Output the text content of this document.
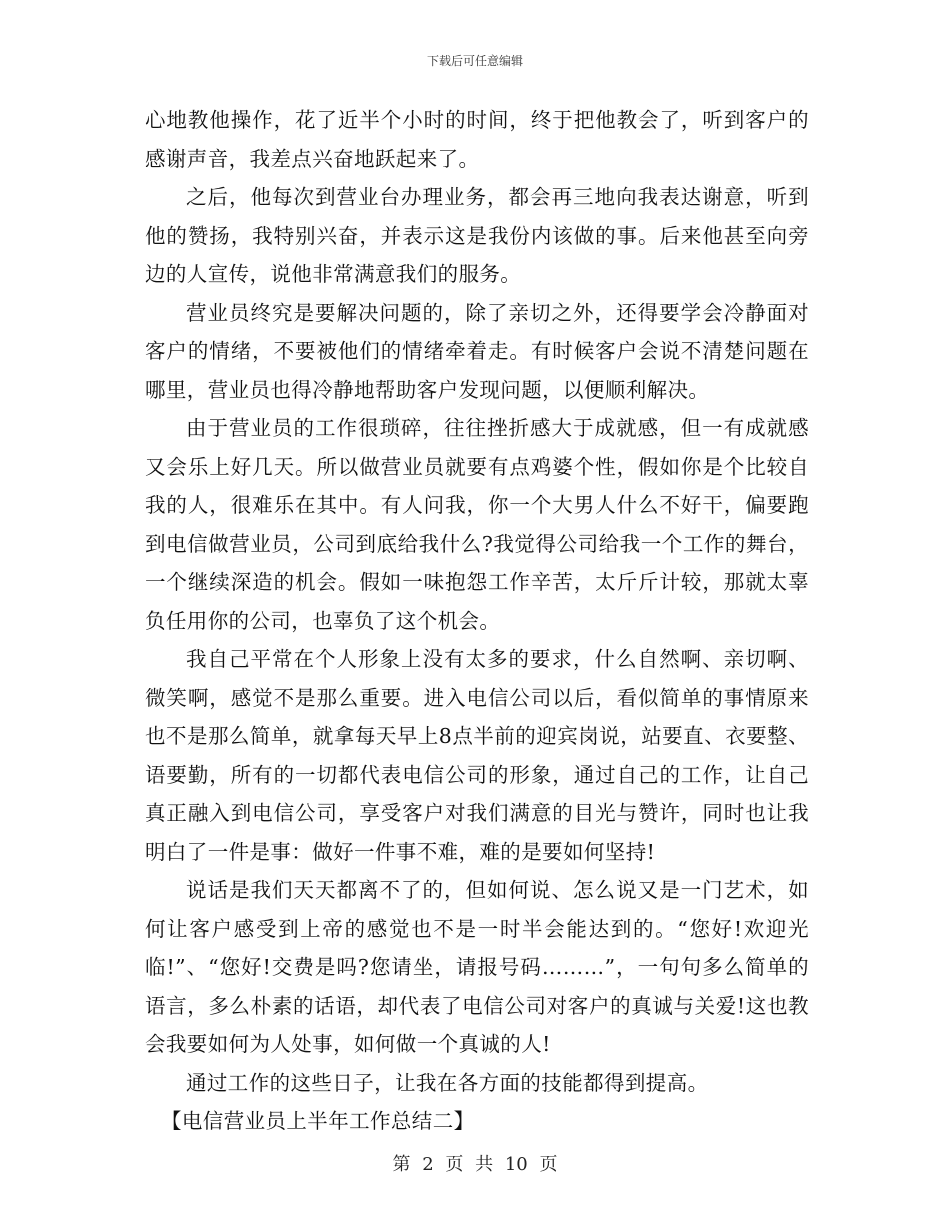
下载后可任意编辑

心地教他操作，花了近半个小时的时间，终于把他教会了，听到客户的感谢声音，我差点兴奋地跃起来了。

之后，他每次到营业台办理业务，都会再三地向我表达谢意，听到他的赞扬，我特别兴奋，并表示这是我份内该做的事。后来他甚至向旁边的人宣传，说他非常满意我们的服务。

营业员终究是要解决问题的，除了亲切之外，还得要学会冷静面对客户的情绪，不要被他们的情绪牵着走。有时候客户会说不清楚问题在哪里，营业员也得冷静地帮助客户发现问题，以便顺利解决。

由于营业员的工作很琐碎，往往挫折感大于成就感，但一有成就感又会乐上好几天。所以做营业员就要有点鸡婆个性，假如你是个比较自我的人，很难乐在其中。有人问我，你一个大男人什么不好干，偏要跑到电信做营业员，公司到底给我什么?我觉得公司给我一个工作的舞台，一个继续深造的机会。假如一味抱怨工作辛苦，太斤斤计较，那就太辜负任用你的公司，也辜负了这个机会。

我自己平常在个人形象上没有太多的要求，什么自然啊、亲切啊、微笑啊，感觉不是那么重要。进入电信公司以后，看似简单的事情原来也不是那么简单，就拿每天早上8点半前的迎宾岗说，站要直、衣要整、语要勤，所有的一切都代表电信公司的形象，通过自己的工作，让自己真正融入到电信公司，享受客户对我们满意的目光与赞许，同时也让我明白了一件是事：做好一件事不难，难的是要如何坚持!

说话是我们天天都离不了的，但如何说、怎么说又是一门艺术，如何让客户感受到上帝的感觉也不是一时半会能达到的。“您好!欢迎光临!”、“您好!交费是吗?您请坐，请报号码………”，一句句多么简单的语言，多么朴素的话语，却代表了电信公司对客户的真诚与关爱!这也教会我要如何为人处事，如何做一个真诚的人!

通过工作的这些日子，让我在各方面的技能都得到提高。

【电信营业员上半年工作总结二】

第 2 页 共 10 页
